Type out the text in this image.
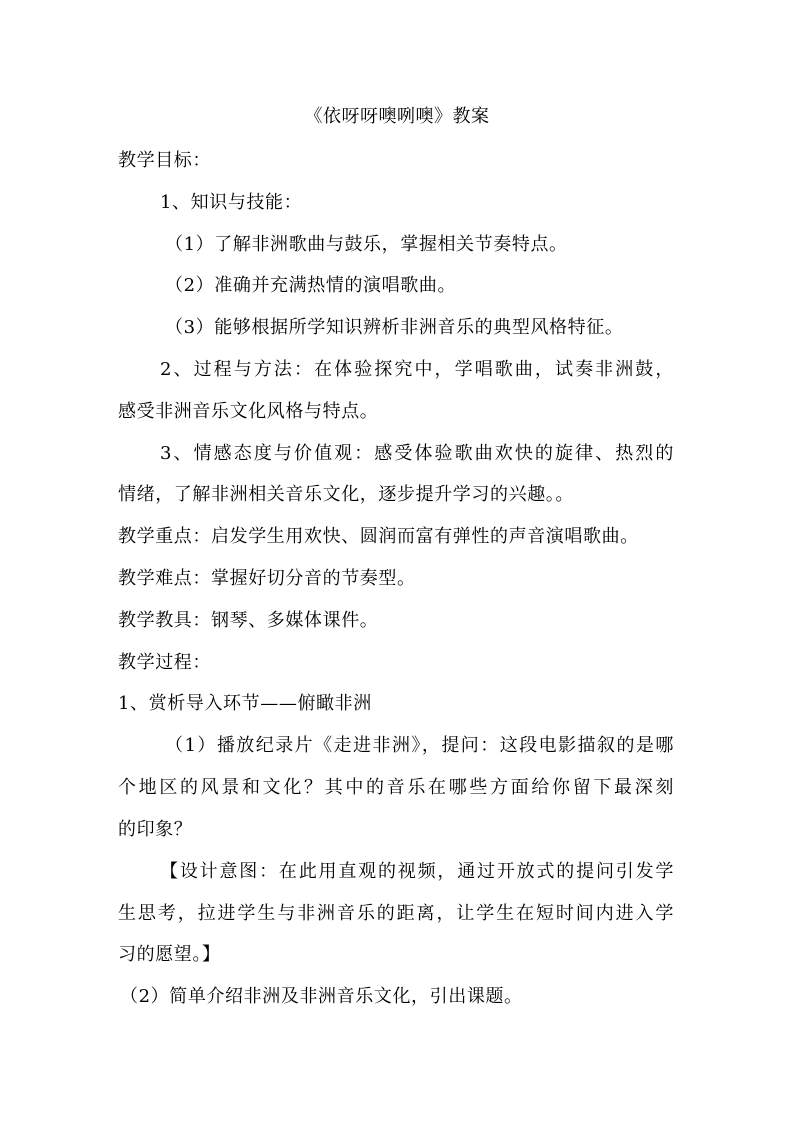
《依呀呀噢咧噢》教案
教学目标：
1、知识与技能：
（1）了解非洲歌曲与鼓乐，掌握相关节奏特点。
（2）准确并充满热情的演唱歌曲。
（3）能够根据所学知识辨析非洲音乐的典型风格特征。
2、过程与方法：在体验探究中，学唱歌曲，试奏非洲鼓，
感受非洲音乐文化风格与特点。
3、情感态度与价值观：感受体验歌曲欢快的旋律、热烈的
情绪，了解非洲相关音乐文化，逐步提升学习的兴趣。。
教学重点：启发学生用欢快、圆润而富有弹性的声音演唱歌曲。
教学难点：掌握好切分音的节奏型。
教学教具：钢琴、多媒体课件。
教学过程：
1、赏析导入环节——俯瞰非洲
（1）播放纪录片《走进非洲》，提问：这段电影描叙的是哪
个地区的风景和文化？其中的音乐在哪些方面给你留下最深刻
的印象？
【设计意图：在此用直观的视频，通过开放式的提问引发学
生思考，拉进学生与非洲音乐的距离，让学生在短时间内进入学
习的愿望。】
（2）简单介绍非洲及非洲音乐文化，引出课题。
